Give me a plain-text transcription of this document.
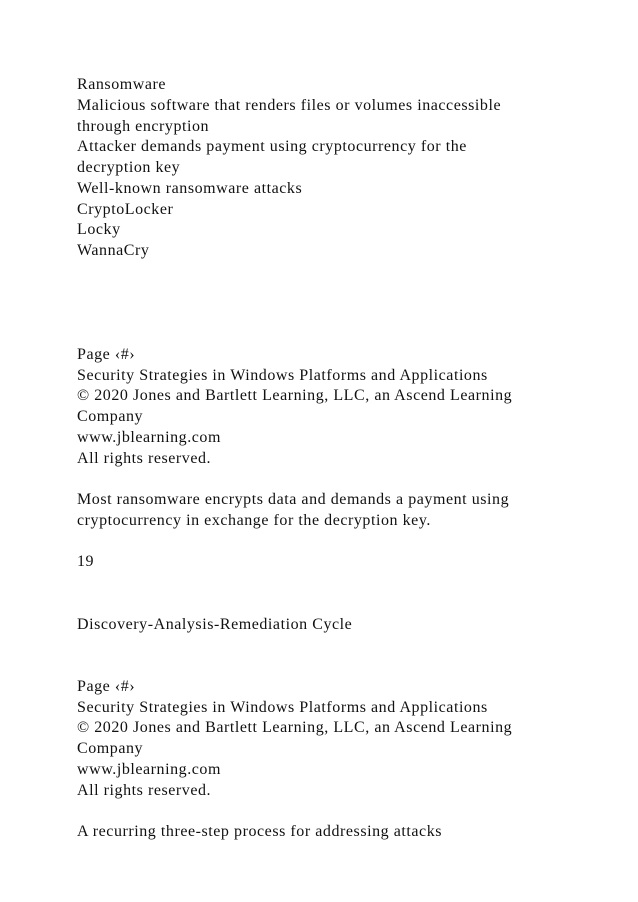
Ransomware
Malicious software that renders files or volumes inaccessible
through encryption
Attacker demands payment using cryptocurrency for the
decryption key
Well-known ransomware attacks
CryptoLocker
Locky
WannaCry
Page ‹#›
Security Strategies in Windows Platforms and Applications
© 2020 Jones and Bartlett Learning, LLC, an Ascend Learning
Company
www.jblearning.com
All rights reserved.
Most ransomware encrypts data and demands a payment using
cryptocurrency in exchange for the decryption key.
19
Discovery-Analysis-Remediation Cycle
Page ‹#›
Security Strategies in Windows Platforms and Applications
© 2020 Jones and Bartlett Learning, LLC, an Ascend Learning
Company
www.jblearning.com
All rights reserved.
A recurring three-step process for addressing attacks
